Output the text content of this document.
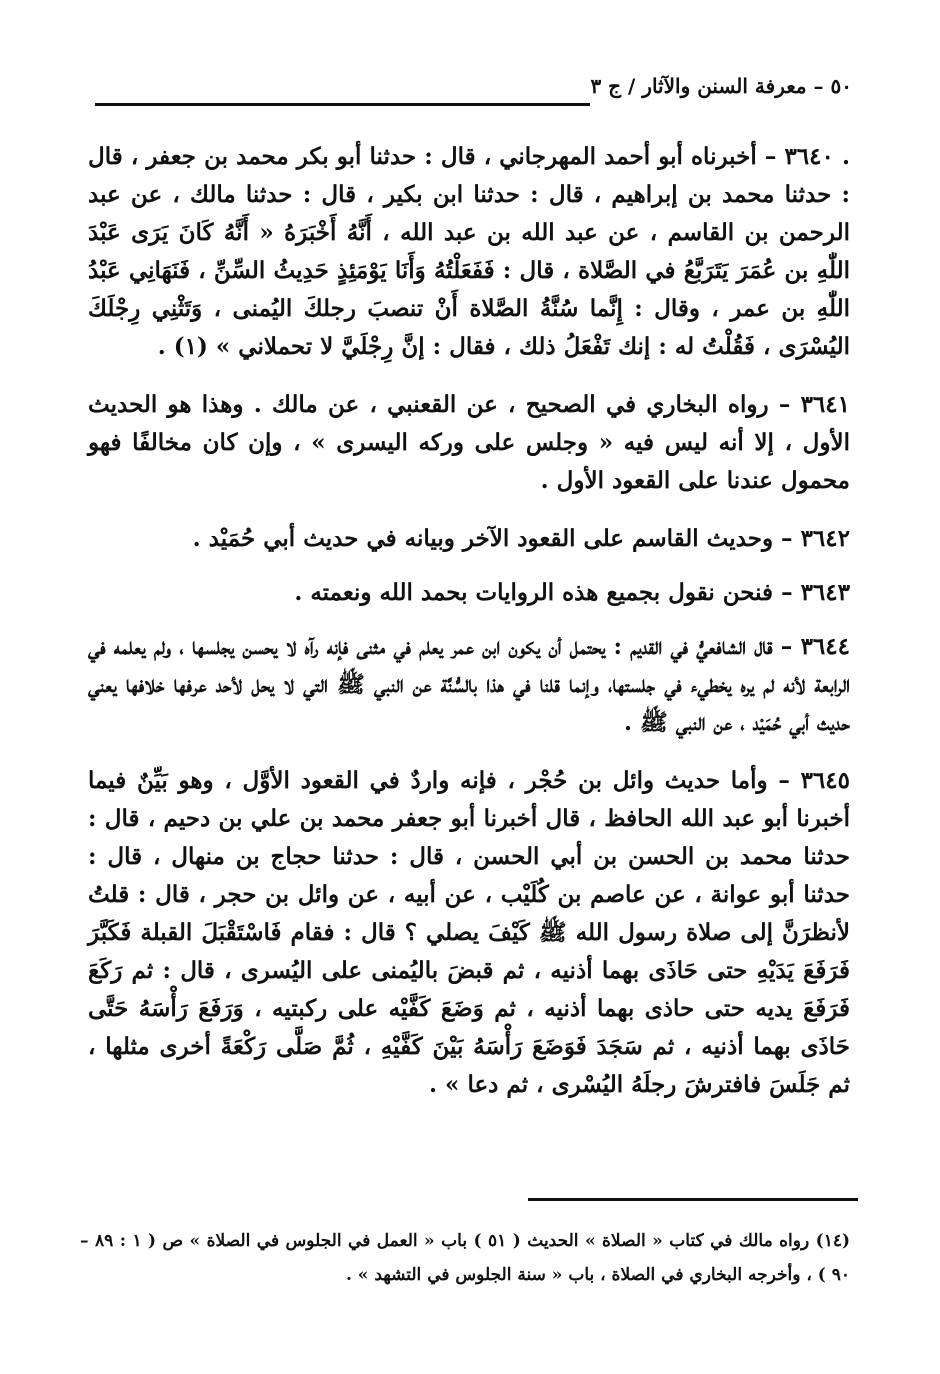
٥٠ – معرفة السنن والآثار / ج ٣

. ٣٦٤٠ – أخبرناه أبو أحمد المهرجاني ، قال : حدثنا أبو بكر محمد بن جعفر ، قال : حدثنا محمد بن إبراهيم ، قال : حدثنا ابن بكير ، قال : حدثنا مالك ، عن عبد الرحمن بن القاسم ، عن عبد الله بن عبد الله ، أَنَّهُ أَخْبَرَهُ « أَنَّهُ كَانَ يَرَى عَبْدَ اللّٰهِ بن عُمَرَ يَتَرَبَّعُ في الصَّلاة ، قال : فَفَعَلْتُهُ وَأَنَا يَوْمَئِذٍ حَدِيثُ السِّنِّ ، فَنَهَانِي عَبْدُ اللّٰهِ بن عمر ، وقال : إِنَّما سُنَّةُ الصَّلاة أَنْ تنصبَ رجلكَ اليُمنى ، وَتَثْنِي رِجْلَكَ اليُسْرَى ، فَقُلْتُ له : إنك تَفْعَلُ ذلك ، فقال : إنَّ رِجْلَيَّ لا تحملاني » (١) .

٣٦٤١ – رواه البخاري في الصحيح ، عن القعنبي ، عن مالك . وهذا هو الحديث الأول ، إلا أنه ليس فيه « وجلس على وركه اليسرى » ، وإن كان مخالفًا فهو محمول عندنا على القعود الأول .

٣٦٤٢ – وحديث القاسم على القعود الآخر وبيانه في حديث أبي حُمَيْد .

٣٦٤٣ – فنحن نقول بجميع هذه الروايات بحمد الله ونعمته .

٣٦٤٤ – قال الشافعيُّ في القديم : يحتمل أن يكون ابن عمر يعلم في مثنى فإنه رآه لا يحسن يجلسها ، ولم يعلمه في الرابعة لأنه لم يره يخطيء في جلستها، وإنما قلنا في هذا بالسُّنَّة عن النبي ﷺ التي لا يحل لأحد عرفها خلافها يعني حديث أبي حُمَيْد ، عن النبي ﷺ .

٣٦٤٥ – وأما حديث وائل بن حُجْر ، فإنه واردٌ في القعود الأوَّل ، وهو بَيِّنٌ فيما أخبرنا أبو عبد الله الحافظ ، قال أخبرنا أبو جعفر محمد بن علي بن دحيم ، قال : حدثنا محمد بن الحسن بن أبي الحسن ، قال : حدثنا حجاج بن منهال ، قال : حدثنا أبو عوانة ، عن عاصم بن كُلَيْب ، عن أبيه ، عن وائل بن حجر ، قال : قلتُ لأنظرَنَّ إلى صلاة رسول الله ﷺ كَيْفَ يصلي ؟ قال : فقام فَاسْتَقْبَلَ القبلة فَكَبَّرَ فَرَفَعَ يَدَيْهِ حتى حَاذَى بهما أذنيه ، ثم قبضَ باليُمنى على اليُسرى ، قال : ثم رَكَعَ فَرَفَعَ يديه حتى حاذى بهما أذنيه ، ثم وَضَعَ كَفَّيْه على ركبتيه ، وَرَفَعَ رَأْسَهُ حَتَّى حَاذَى بهما أذنيه ، ثم سَجَدَ فَوَضَعَ رَأْسَهُ بَيْنَ كَفَّيْهِ ، ثُمَّ صَلَّى رَكْعَةً أخرى مثلها ، ثم جَلَسَ فافترشَ رجلَهُ اليُسْرى ، ثم دعا » .

(١٤) رواه مالك في كتاب « الصلاة » الحديث ( ٥١ ) باب « العمل في الجلوس في الصلاة » ص ( ١ : ٨٩ – ٩٠ ) ، وأخرجه البخاري في الصلاة ، باب « سنة الجلوس في التشهد » .
